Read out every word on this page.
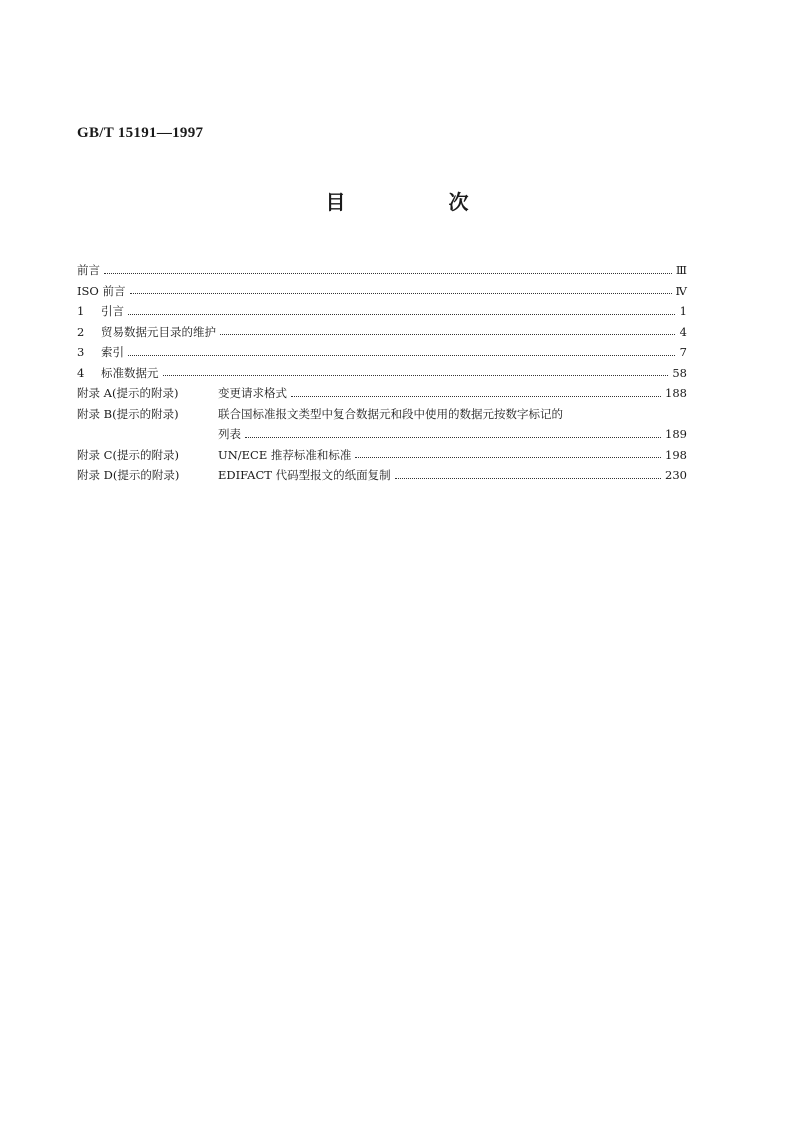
GB/T 15191—1997
目 次
前言	Ⅲ
ISO 前言	Ⅳ
1	引言	1
2	贸易数据元目录的维护	4
3	索引	7
4	标准数据元	58
附录 A(提示的附录)	变更请求格式	188
附录 B(提示的附录)	联合国标准报文类型中复合数据元和段中使用的数据元按数字标记的
列表	189
附录 C(提示的附录)	UN/ECE 推荐标准和标准	198
附录 D(提示的附录)	EDIFACT 代码型报文的纸面复制	230
